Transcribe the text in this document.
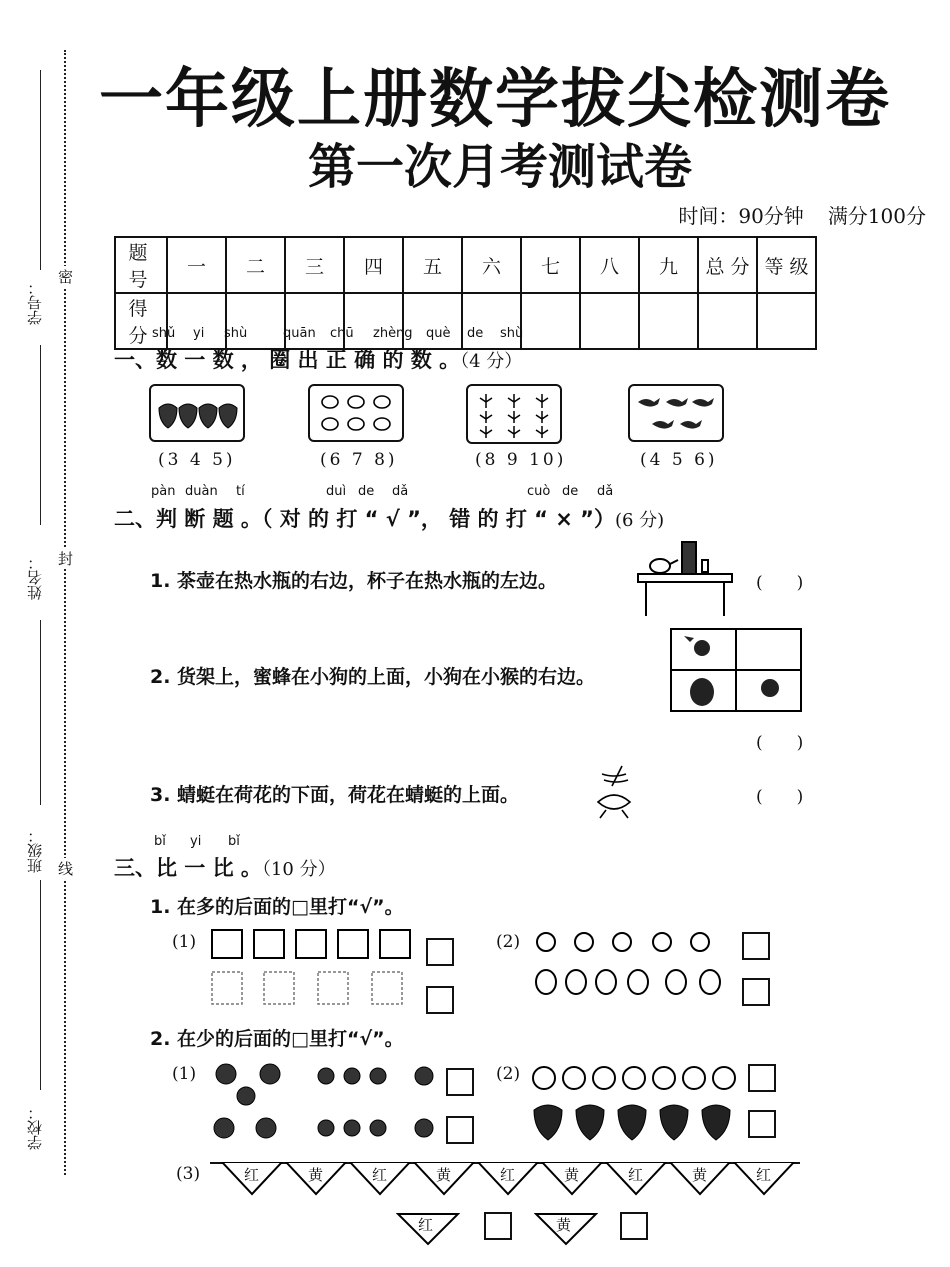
学号：
姓名：
班级：
学校：
密
封
线
一年级上册数学拔尖检测卷
第一次月考测试卷
时间：90分钟 满分100分
题 号	一	二	三	四	五	六	七	八	九	总 分	等 级
得 分											
shǔ yi shù	quān chū zhèng què de shù
一、数 一 数 ， 圈 出 正 确 的 数 。（4 分）
(3 4 5)	(6 7 8)	(8 9 10)	(4 5 6)
pàn duàn tí	duì de dǎ	cuò de dǎ
二、判 断 题 。（ 对 的 打 “ √ ”， 错 的 打 “ × ”）(6 分)
1. 茶壶在热水瓶的右边，杯子在热水瓶的左边。	(　　)
2. 货架上，蜜蜂在小狗的上面，小狗在小猴的右边。
(　　)
3. 蜻蜓在荷花的下面，荷花在蜻蜓的上面。	(　　)
bǐ yi bǐ
三、比 一 比 。（10 分）
1. 在多的后面的□里打“√”。
(1)	(2)
2. 在少的后面的□里打“√”。
(1)	(2)
(3)	红	黄	红	黄	红	黄	红	黄	红
红	黄
